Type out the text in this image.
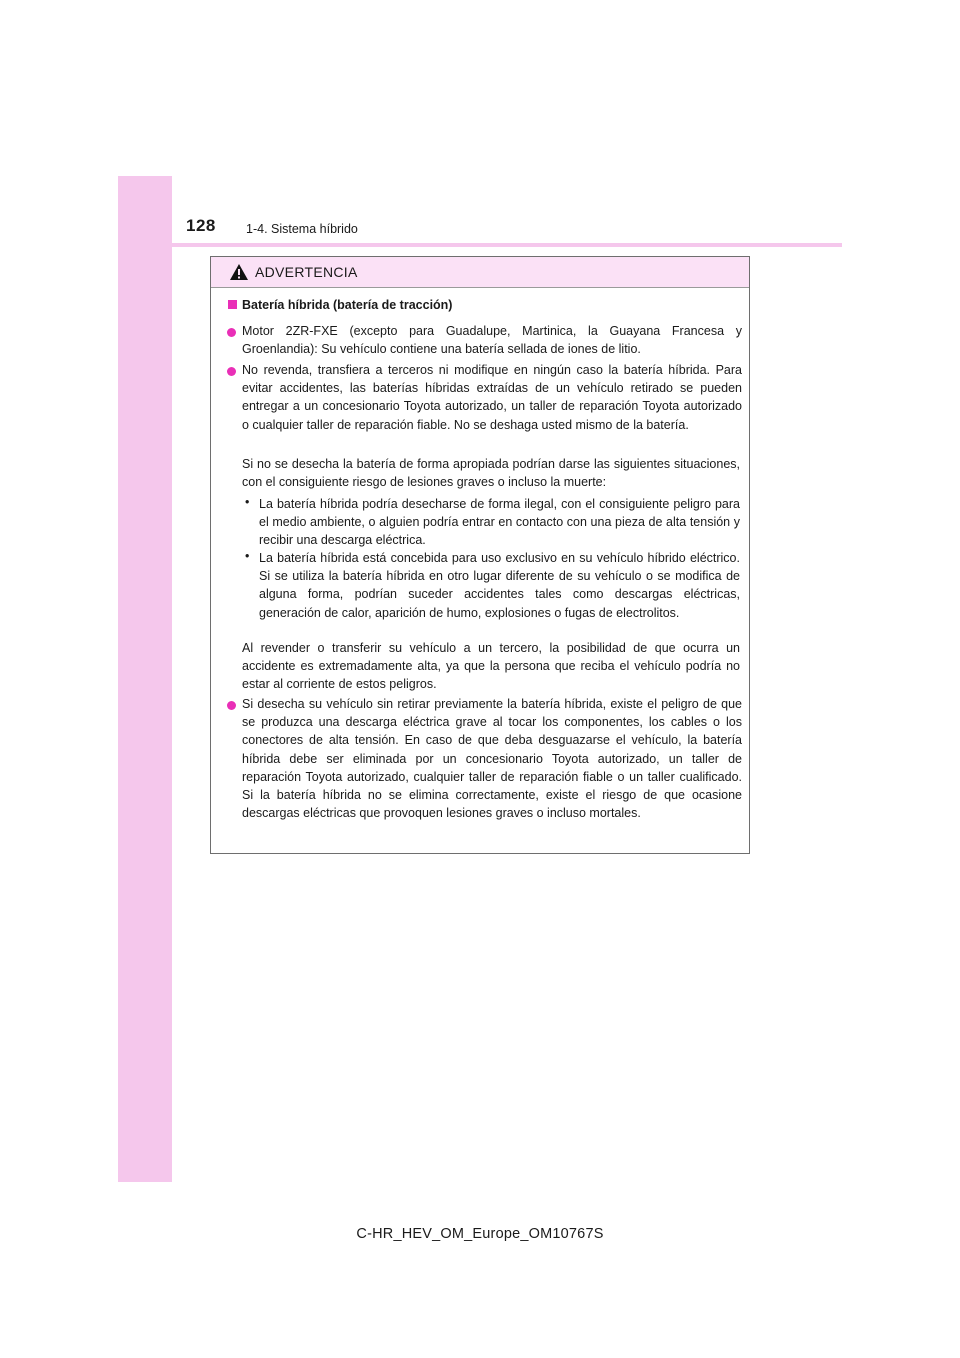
128 1-4. Sistema híbrido
ADVERTENCIA
Batería híbrida (batería de tracción)
Motor 2ZR-FXE (excepto para Guadalupe, Martinica, la Guayana Francesa y Groenlandia): Su vehículo contiene una batería sellada de iones de litio.
No revenda, transfiera a terceros ni modifique en ningún caso la batería híbrida. Para evitar accidentes, las baterías híbridas extraídas de un vehículo retirado se pueden entregar a un concesionario Toyota autorizado, un taller de reparación Toyota autorizado o cualquier taller de reparación fiable. No se deshaga usted mismo de la batería.
Si no se desecha la batería de forma apropiada podrían darse las siguientes situaciones, con el consiguiente riesgo de lesiones graves o incluso la muerte:
• La batería híbrida podría desecharse de forma ilegal, con el consiguiente peligro para el medio ambiente, o alguien podría entrar en contacto con una pieza de alta tensión y recibir una descarga eléctrica.
• La batería híbrida está concebida para uso exclusivo en su vehículo híbrido eléctrico. Si se utiliza la batería híbrida en otro lugar diferente de su vehículo o se modifica de alguna forma, podrían suceder accidentes tales como descargas eléctricas, generación de calor, aparición de humo, explosiones o fugas de electrolitos.
Al revender o transferir su vehículo a un tercero, la posibilidad de que ocurra un accidente es extremadamente alta, ya que la persona que reciba el vehículo podría no estar al corriente de estos peligros.
Si desecha su vehículo sin retirar previamente la batería híbrida, existe el peligro de que se produzca una descarga eléctrica grave al tocar los componentes, los cables o los conectores de alta tensión. En caso de que deba desguazarse el vehículo, la batería híbrida debe ser eliminada por un concesionario Toyota autorizado, un taller de reparación Toyota autorizado, cualquier taller de reparación fiable o un taller cualificado. Si la batería híbrida no se elimina correctamente, existe el riesgo de que ocasione descargas eléctricas que provoquen lesiones graves o incluso mortales.
C-HR_HEV_OM_Europe_OM10767S
